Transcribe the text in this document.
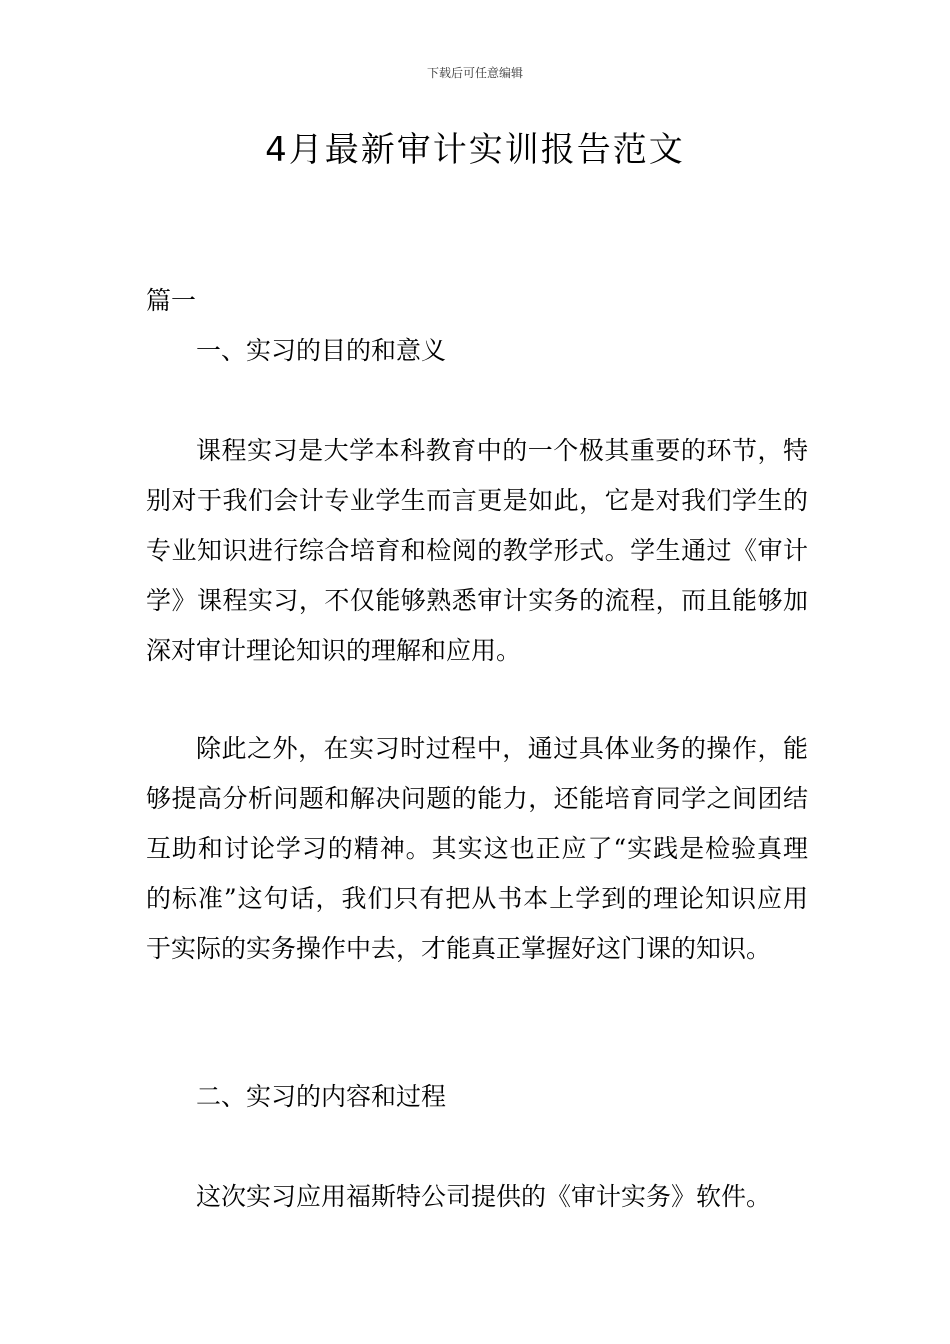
下载后可任意编辑
4月最新审计实训报告范文

篇一

一、实习的目的和意义

课程实习是大学本科教育中的一个极其重要的环节，特别对于我们会计专业学生而言更是如此，它是对我们学生的专业知识进行综合培育和检阅的教学形式。学生通过《审计学》课程实习，不仅能够熟悉审计实务的流程，而且能够加深对审计理论知识的理解和应用。

除此之外，在实习时过程中，通过具体业务的操作，能够提高分析问题和解决问题的能力，还能培育同学之间团结互助和讨论学习的精神。其实这也正应了“实践是检验真理的标准”这句话，我们只有把从书本上学到的理论知识应用于实际的实务操作中去，才能真正掌握好这门课的知识。

二、实习的内容和过程

这次实习应用福斯特公司提供的《审计实务》软件。
